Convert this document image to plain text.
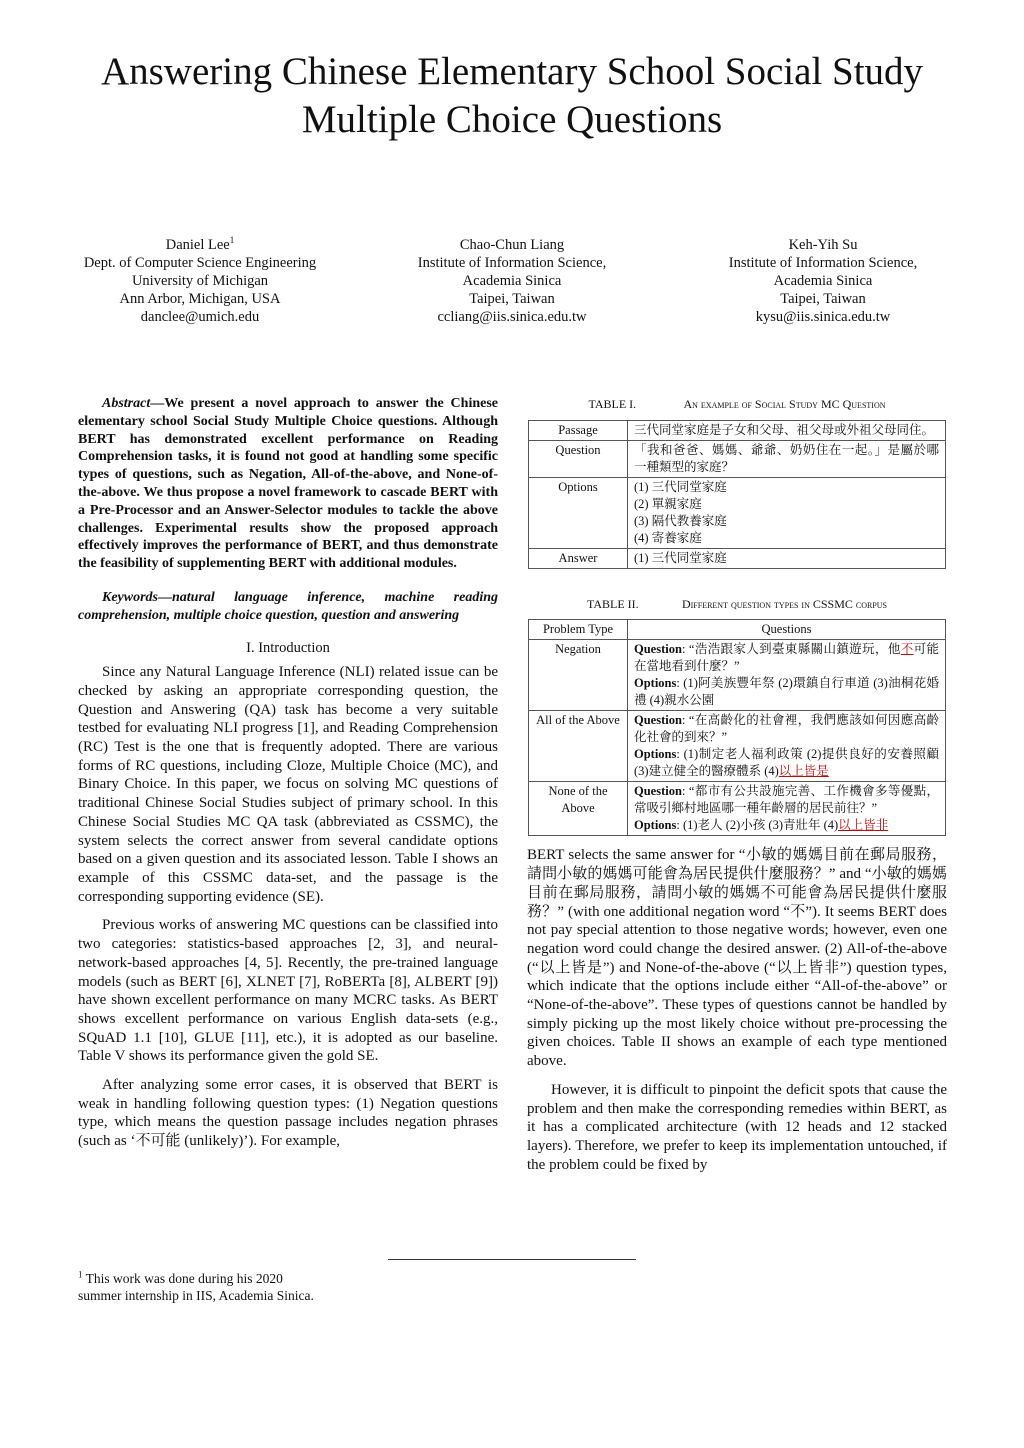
Answering Chinese Elementary School Social Study Multiple Choice Questions
Daniel Lee$^1$
Dept. of Computer Science Engineering
University of Michigan
Ann Arbor, Michigan, USA
danclee@umich.edu
Chao-Chun Liang
Institute of Information Science,
Academia Sinica
Taipei, Taiwan
ccliang@iis.sinica.edu.tw
Keh-Yih Su
Institute of Information Science,
Academia Sinica
Taipei, Taiwan
kysu@iis.sinica.edu.tw

Abstract—We present a novel approach to answer the Chinese elementary school Social Study Multiple Choice questions. Although BERT has demonstrated excellent performance on Reading Comprehension tasks, it is found not good at handling some specific types of questions, such as Negation, All-of-the-above, and None-of-the-above. We thus propose a novel framework to cascade BERT with a Pre-Processor and an Answer-Selector modules to tackle the above challenges. Experimental results show the proposed approach effectively improves the performance of BERT, and thus demonstrate the feasibility of supplementing BERT with additional modules.

Keywords—natural language inference, machine reading comprehension, multiple choice question, question and answering

I. Introduction

Since any Natural Language Inference (NLI) related issue can be checked by asking an appropriate corresponding question, the Question and Answering (QA) task has become a very suitable testbed for evaluating NLI progress [1], and Reading Comprehension (RC) Test is the one that is frequently adopted. There are various forms of RC questions, including Cloze, Multiple Choice (MC), and Binary Choice. In this paper, we focus on solving MC questions of traditional Chinese Social Studies subject of primary school. In this Chinese Social Studies MC QA task (abbreviated as CSSMC), the system selects the correct answer from several candidate options based on a given question and its associated lesson. Table I shows an example of this CSSMC data-set, and the passage is the corresponding supporting evidence (SE).

Previous works of answering MC questions can be classified into two categories: statistics-based approaches [2, 3], and neural-network-based approaches [4, 5]. Recently, the pre-trained language models (such as BERT [6], XLNET [7], RoBERTa [8], ALBERT [9]) have shown excellent performance on many MCRC tasks. As BERT shows excellent performance on various English data-sets (e.g., SQuAD 1.1 [10], GLUE [11], etc.), it is adopted as our baseline. Table V shows its performance given the gold SE.

After analyzing some error cases, it is observed that BERT is weak in handling following question types: (1) Negation questions type, which means the question passage includes negation phrases (such as ‘不可能 (unlikely)’). For example,

TABLE I.	An example of Social Study MC Question
Passage	三代同堂家庭是子女和父母、祖父母或外祖父母同住。
Question	「我和爸爸、媽媽、爺爺、奶奶住在一起。」是屬於哪一種類型的家庭？
Options	(1) 三代同堂家庭
(2) 單親家庭
(3) 隔代教養家庭
(4) 寄養家庭

Answer	(1) 三代同堂家庭
TABLE II.	Different question types in CSSMC corpus
Problem Type	Questions
Negation	Question: “浩浩跟家人到臺東縣關山鎮遊玩，他不可能在當地看到什麼？”
Options: (1)阿美族豐年祭 (2)環鎮自行車道 (3)油桐花婚禮 (4)親水公園

All of the Above	Question: “在高齡化的社會裡，我們應該如何因應高齡化社會的到來？”
Options: (1)制定老人福利政策 (2)提供良好的安養照顧 (3)建立健全的醫療體系 (4)以上皆是

None of the Above	Question: “都市有公共設施完善、工作機會多等優點，常吸引鄉村地區哪一種年齡層的居民前往？”
Options: (1)老人 (2)小孩 (3)青壯年 (4)以上皆非

BERT selects the same answer for “小敏的媽媽目前在郵局服務，請問小敏的媽媽可能會為居民提供什麼服務？” and “小敏的媽媽目前在郵局服務，請問小敏的媽媽不可能會為居民提供什麼服務？” (with one additional negation word “不”). It seems BERT does not pay special attention to those negative words; however, even one negation word could change the desired answer. (2) All-of-the-above (“以上皆是”) and None-of-the-above (“以上皆非”) question types, which indicate that the options include either “All-of-the-above” or “None-of-the-above”. These types of questions cannot be handled by simply picking up the most likely choice without pre-processing the given choices. Table II shows an example of each type mentioned above.

However, it is difficult to pinpoint the deficit spots that cause the problem and then make the corresponding remedies within BERT, as it has a complicated architecture (with 12 heads and 12 stacked layers). Therefore, we prefer to keep its implementation untouched, if the problem could be fixed by

$^1$ This work was done during his 2020 summer internship in IIS, Academia Sinica.
